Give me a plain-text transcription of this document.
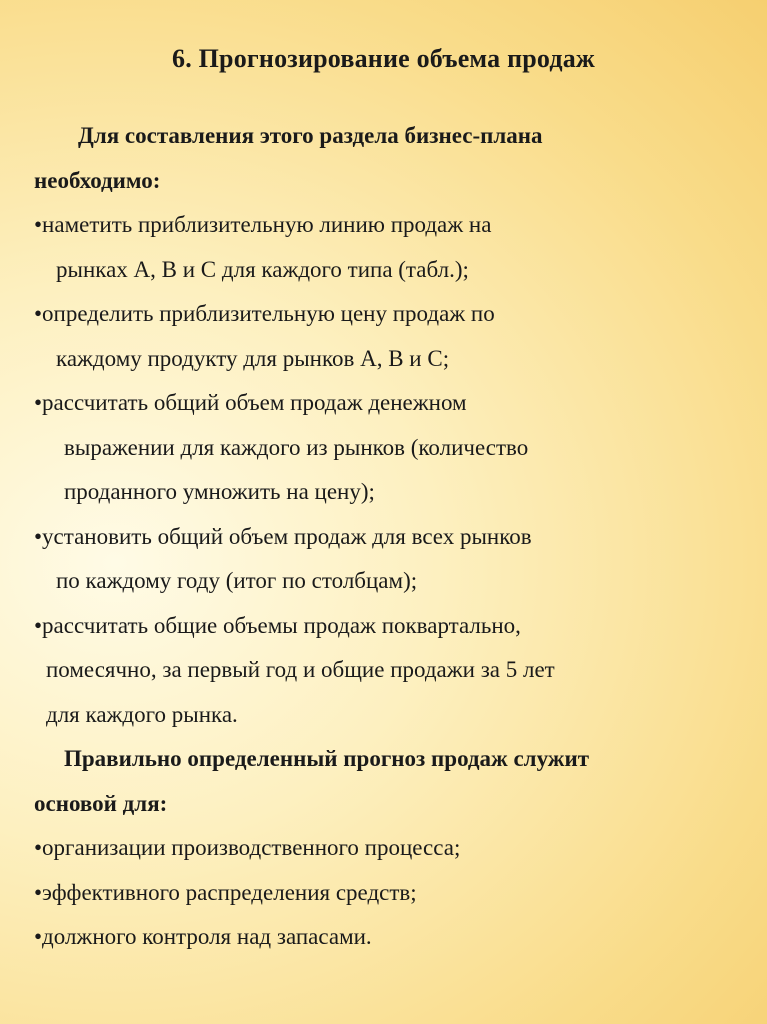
6. Прогнозирование объема продаж
Для составления этого раздела бизнес-плана
необходимо:
•наметить приблизительную линию продаж на
рынках А, В и С для каждого типа (табл.);
•определить приблизительную цену продаж по
каждому продукту для рынков А, В и С;
•рассчитать общий объем продаж денежном
выражении для каждого из рынков (количество
проданного умножить на цену);
•установить общий объем продаж для всех рынков
по каждому году (итог по столбцам);
•рассчитать общие объемы продаж поквартально,
помесячно, за первый год и общие продажи за 5 лет
для каждого рынка.
Правильно определенный прогноз продаж служит
основой для:
•организации производственного процесса;
•эффективного распределения средств;
•должного контроля над запасами.
